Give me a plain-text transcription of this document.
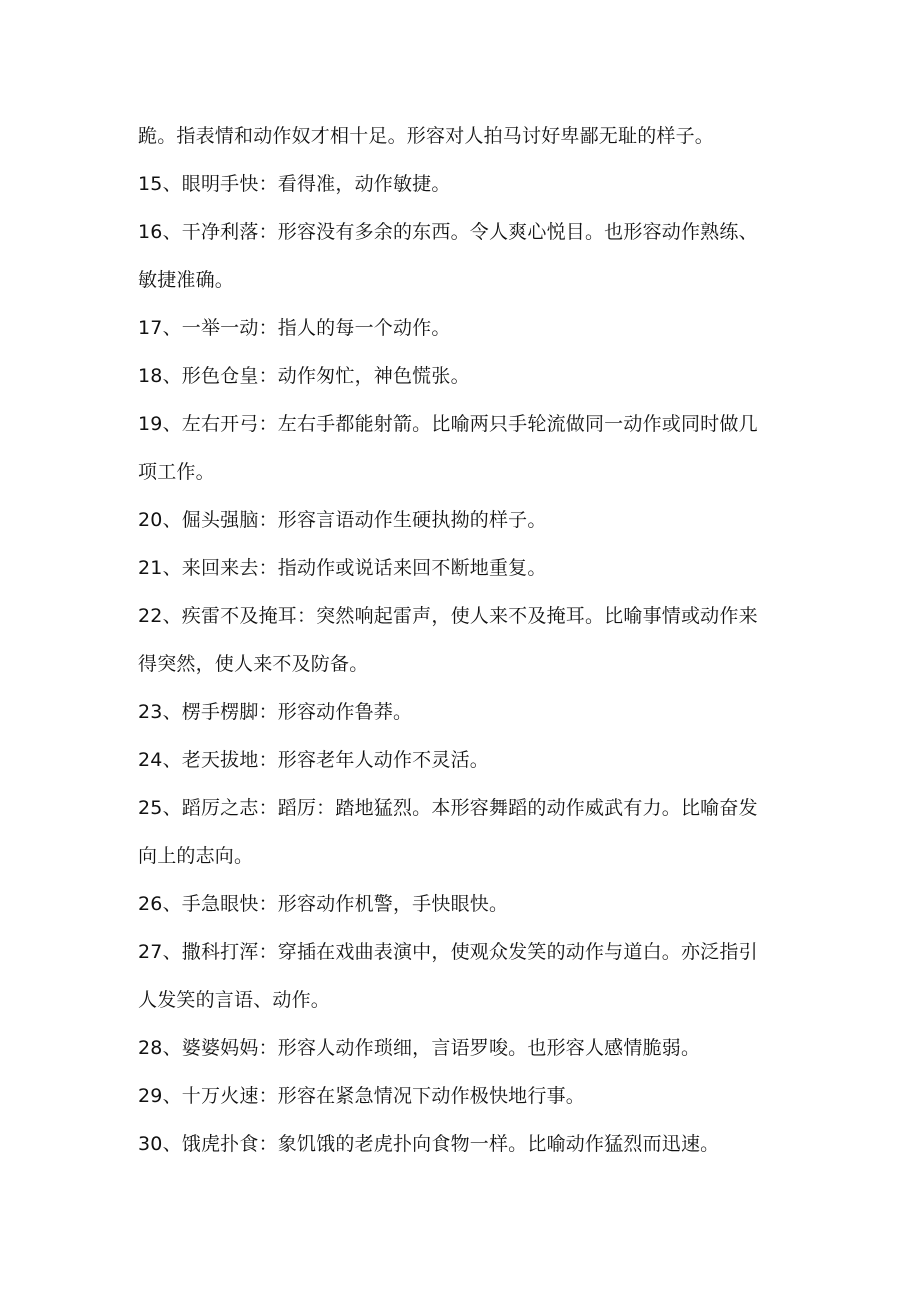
跪。指表情和动作奴才相十足。形容对人拍马讨好卑鄙无耻的样子。
15、眼明手快：看得准，动作敏捷。
16、干净利落：形容没有多余的东西。令人爽心悦目。也形容动作熟练、
敏捷准确。
17、一举一动：指人的每一个动作。
18、形色仓皇：动作匆忙，神色慌张。
19、左右开弓：左右手都能射箭。比喻两只手轮流做同一动作或同时做几
项工作。
20、倔头强脑：形容言语动作生硬执拗的样子。
21、来回来去：指动作或说话来回不断地重复。
22、疾雷不及掩耳：突然响起雷声，使人来不及掩耳。比喻事情或动作来
得突然，使人来不及防备。
23、楞手楞脚：形容动作鲁莽。
24、老天拔地：形容老年人动作不灵活。
25、蹈厉之志：蹈厉：踏地猛烈。本形容舞蹈的动作威武有力。比喻奋发
向上的志向。
26、手急眼快：形容动作机警，手快眼快。
27、撒科打浑：穿插在戏曲表演中，使观众发笑的动作与道白。亦泛指引
人发笑的言语、动作。
28、婆婆妈妈：形容人动作琐细，言语罗唆。也形容人感情脆弱。
29、十万火速：形容在紧急情况下动作极快地行事。
30、饿虎扑食：象饥饿的老虎扑向食物一样。比喻动作猛烈而迅速。
